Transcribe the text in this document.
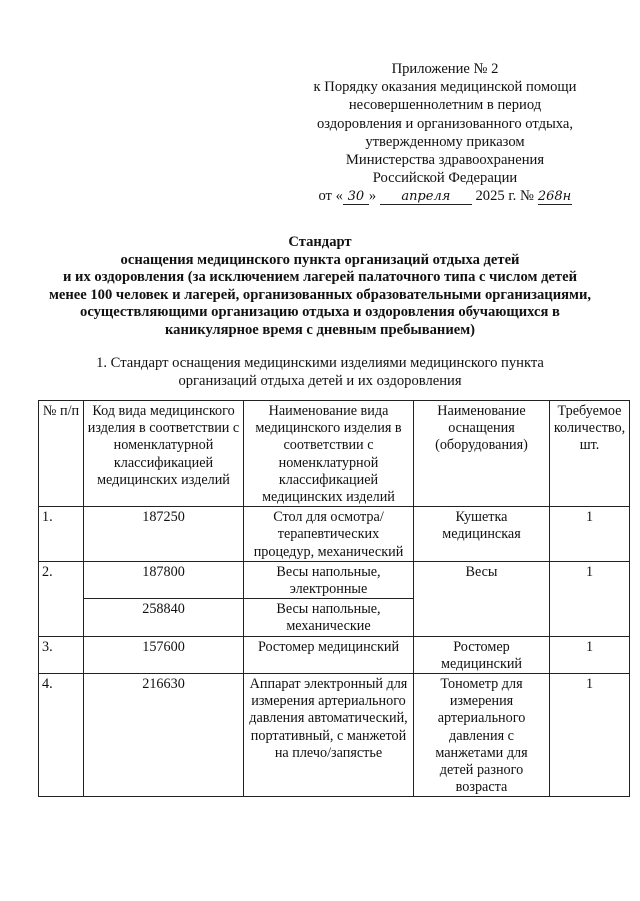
Приложение № 2
к Порядку оказания медицинской помощи
несовершеннолетним в период
оздоровления и организованного отдыха,
утвержденному приказом
Министерства здравоохранения
Российской Федерации
от « 30 » апреля 2025 г. № 268н
Стандарт
оснащения медицинского пункта организаций отдыха детей
и их оздоровления (за исключением лагерей палаточного типа с числом детей
менее 100 человек и лагерей, организованных образовательными организациями,
осуществляющими организацию отдыха и оздоровления обучающихся в
каникулярное время с дневным пребыванием)
1. Стандарт оснащения медицинскими изделиями медицинского пункта
организаций отдыха детей и их оздоровления
№ п/п	Код вида медицинского изделия в соответствии с номенклатурной классификацией медицинских изделий	Наименование вида медицинского изделия в соответствии с номенклатурной классификацией медицинских изделий	Наименование оснащения (оборудования)	Требуемое количество, шт.
1.	187250	Стол для осмотра/ терапевтических процедур, механический	Кушетка медицинская	1
2.	187800	Весы напольные, электронные	Весы	1
	258840	Весы напольные, механические		
3.	157600	Ростомер медицинский	Ростомер медицинский	1
4.	216630	Аппарат электронный для измерения артериального давления автоматический, портативный, с манжетой на плечо/запястье	Тонометр для измерения артериального давления с манжетами для детей разного возраста	1
